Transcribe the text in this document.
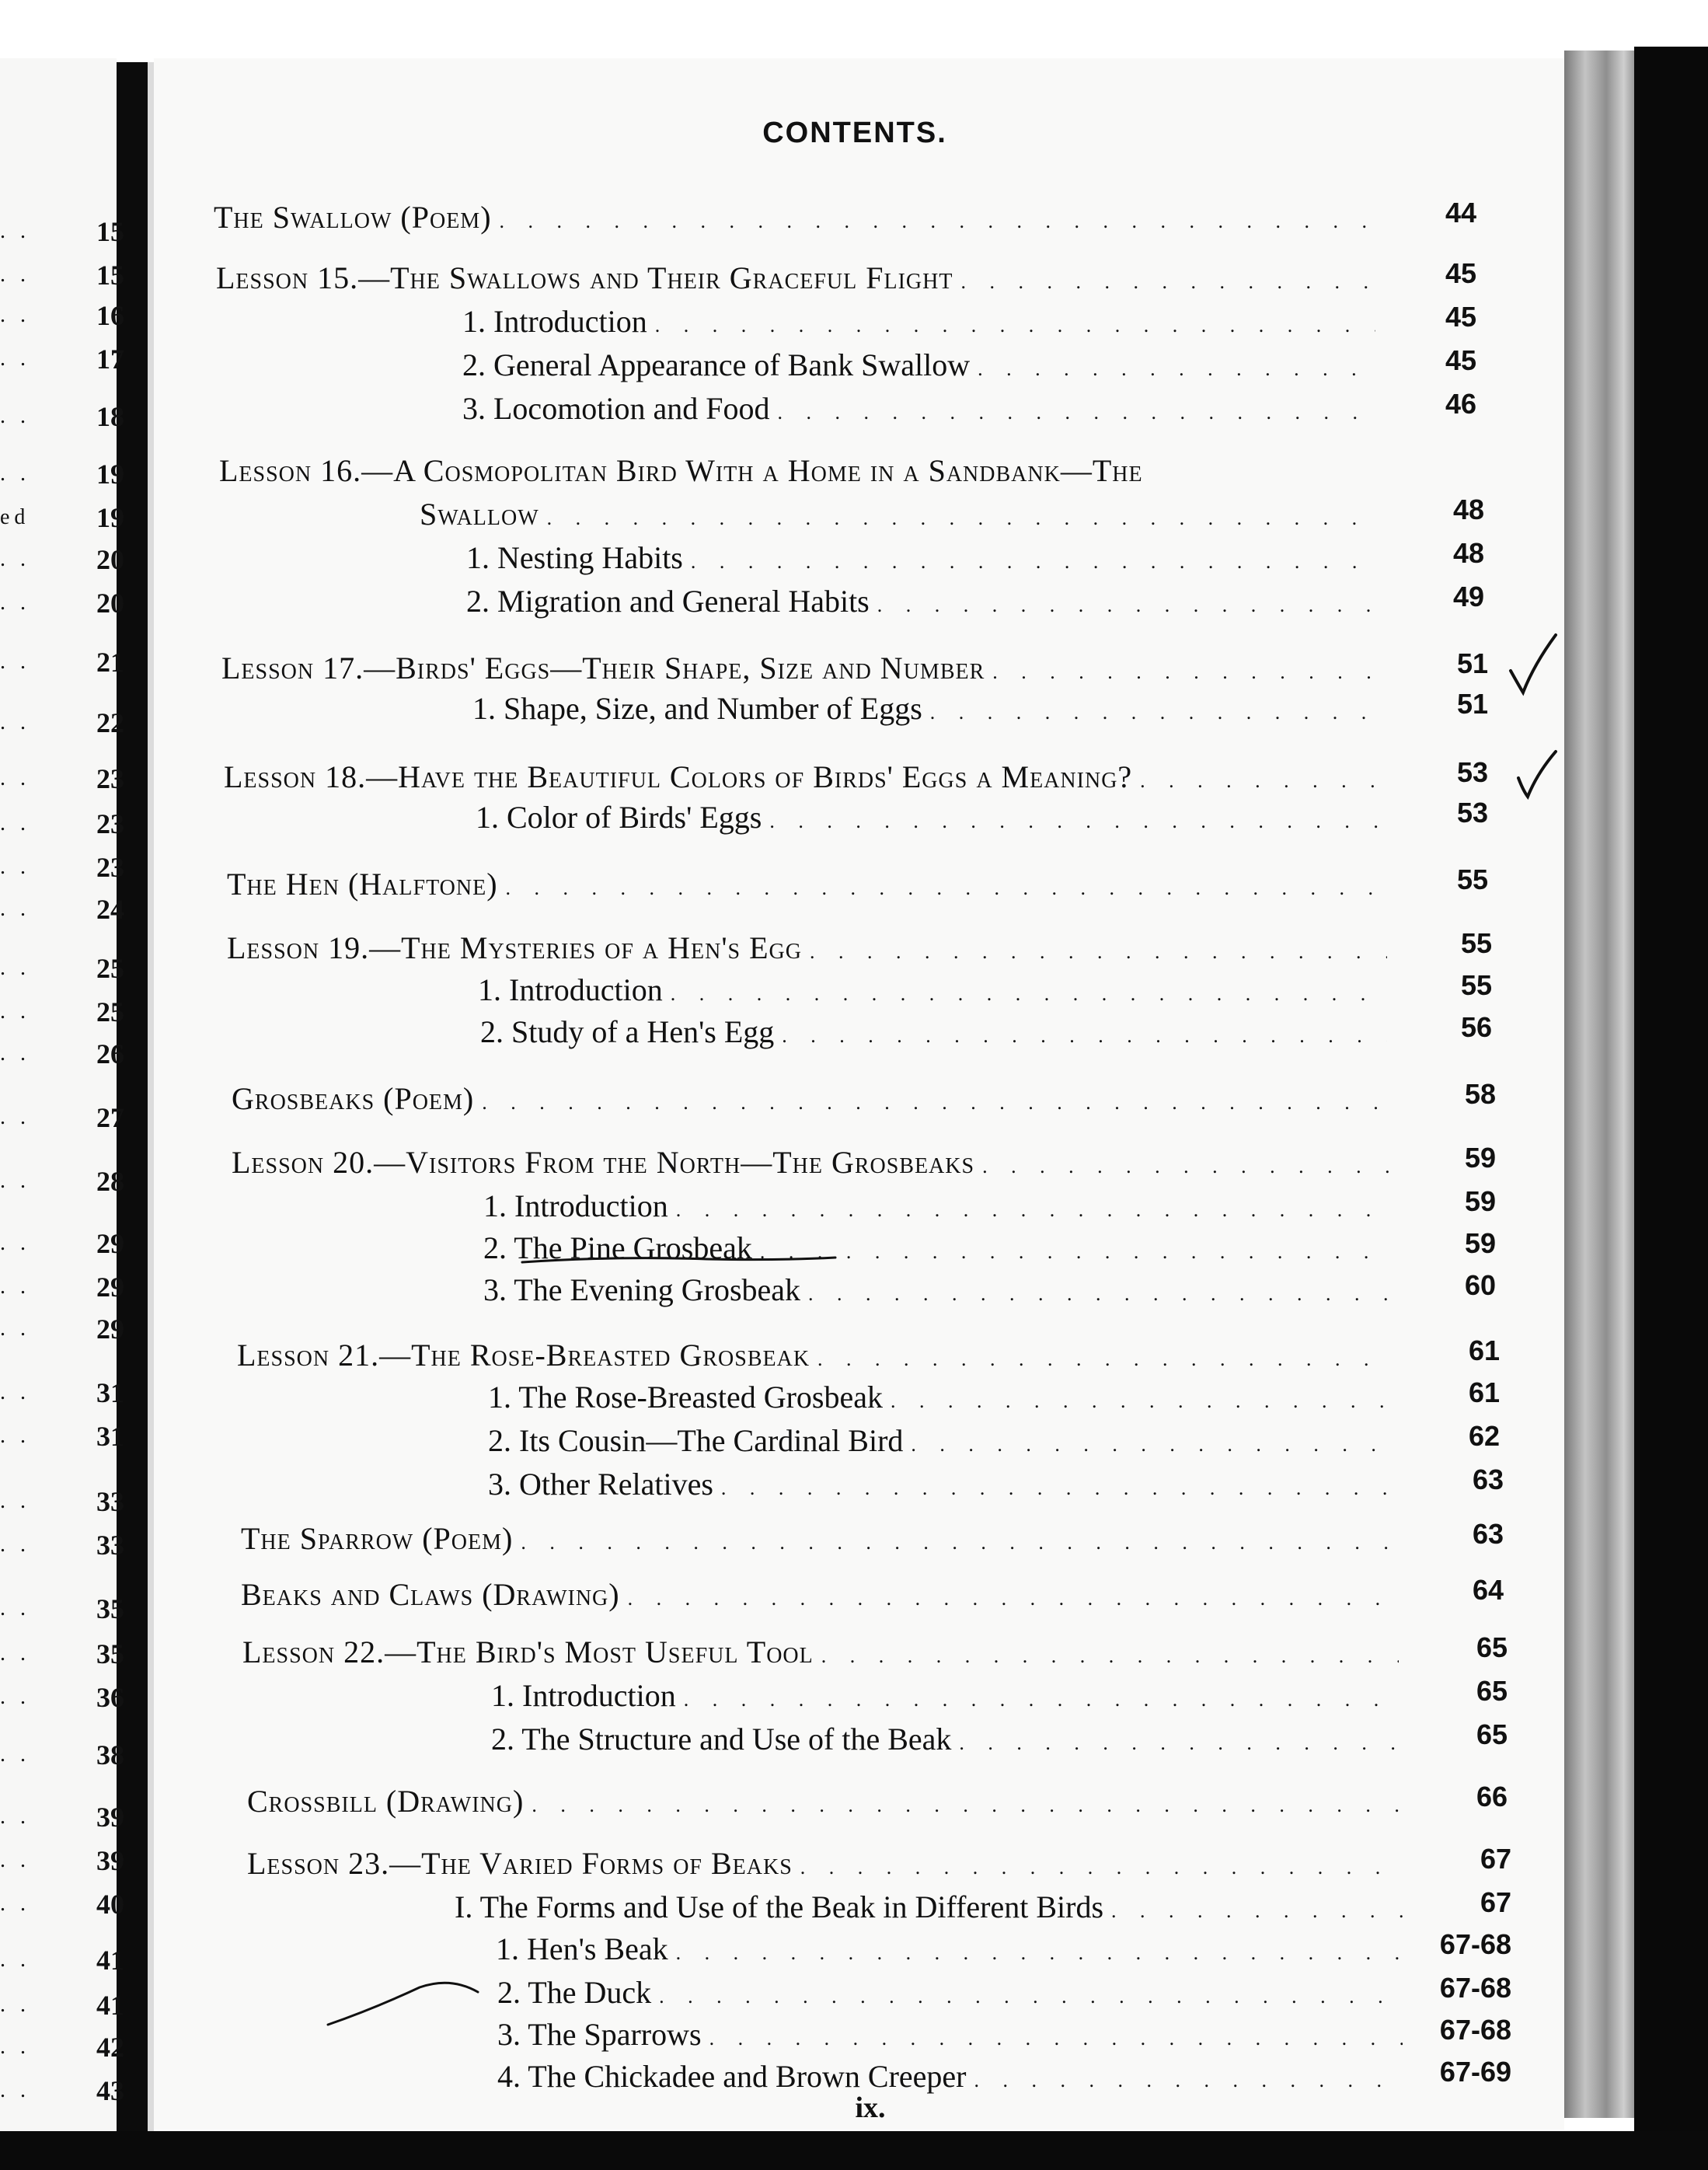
. .	15
. .	15
. .	16
. .	17
. .	18
. .	19
ed	19
. .	20
. .	20
. .	21
. .	22
. .	23
. .	23
. .	23
. .	24
. .	25
. .	25
. .	26
. .	27
. .	28
. .	29
. .	29
. .	29
. .	31
. .	31
. .	33
. .	33
. .	35
. .	35
. .	36
. .	38
. .	39
. .	39
. .	40
. .	41
. .	41
. .	42
. .	43
CONTENTS.
The Swallow (Poem) . . .	44
Lesson 15.—The Swallows and Their Graceful Flight . . .	45
1. Introduction . . .	45
2. General Appearance of Bank Swallow . . .	45
3. Locomotion and Food . . .	46
Lesson 16.—A Cosmopolitan Bird With a Home in a Sandbank—The
Swallow . . .	48
1. Nesting Habits . . .	48
2. Migration and General Habits . . .	49
Lesson 17.—Birds' Eggs—Their Shape, Size and Number . . .	51
1. Shape, Size, and Number of Eggs . . .	51
Lesson 18.—Have the Beautiful Colors of Birds' Eggs a Meaning? . . .	53
1. Color of Birds' Eggs . . .	53
The Hen (Halftone) . . .	55
Lesson 19.—The Mysteries of a Hen's Egg . . .	55
1. Introduction . . .	55
2. Study of a Hen's Egg . . .	56
Grosbeaks (Poem) . . .	58
Lesson 20.—Visitors From the North—The Grosbeaks . . .	59
1. Introduction . . .	59
2. The Pine Grosbeak . . .	59
3. The Evening Grosbeak . . .	60
Lesson 21.—The Rose-Breasted Grosbeak . . .	61
1. The Rose-Breasted Grosbeak . . .	61
2. Its Cousin—The Cardinal Bird . . .	62
3. Other Relatives . . .	63
The Sparrow (Poem) . . .	63
Beaks and Claws (Drawing) . . .	64
Lesson 22.—The Bird's Most Useful Tool . . .	65
1. Introduction . . .	65
2. The Structure and Use of the Beak . . .	65
Crossbill (Drawing) . . .	66
Lesson 23.—The Varied Forms of Beaks . . .	67
I. The Forms and Use of the Beak in Different Birds . . .	67
1. Hen's Beak . . .	67-68
2. The Duck . . .	67-68
3. The Sparrows . . .	67-68
4. The Chickadee and Brown Creeper . . .	67-69
ix.
